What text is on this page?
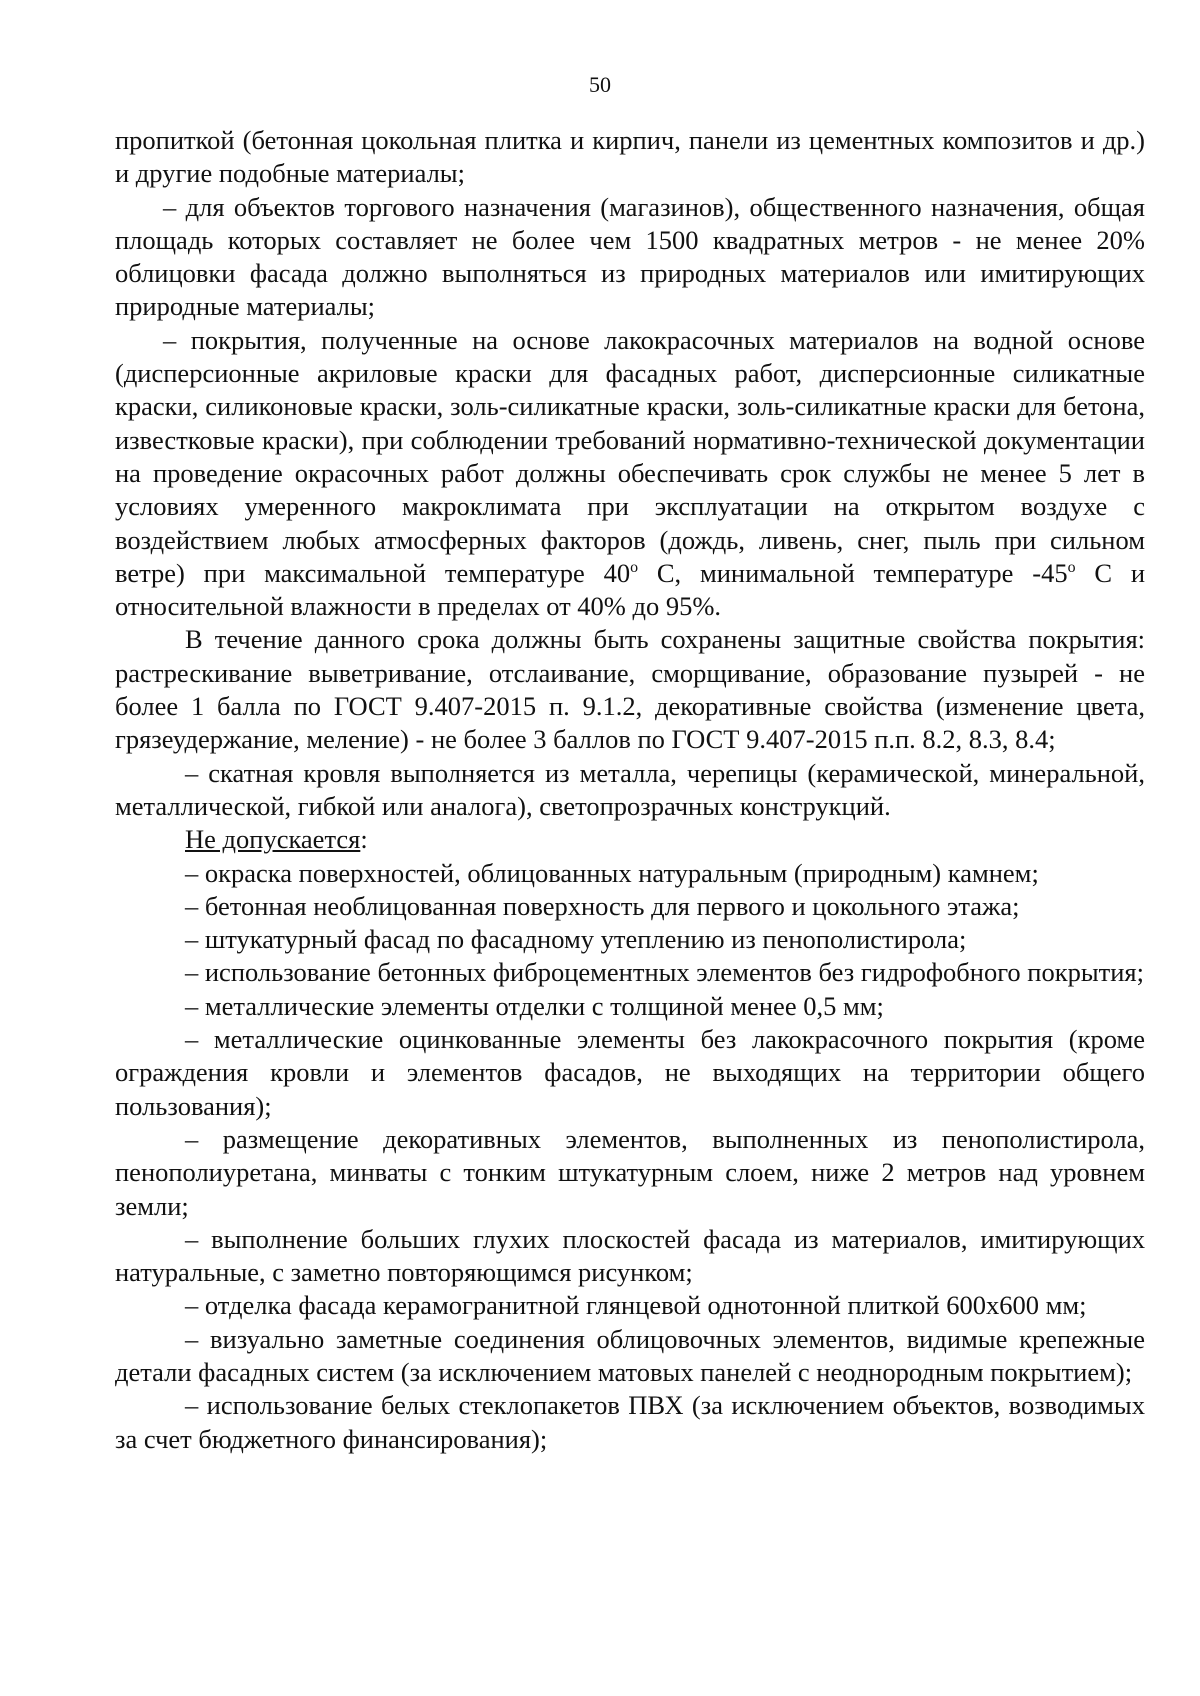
50

пропиткой (бетонная цокольная плитка и кирпич, панели из цементных композитов и др.) и другие подобные материалы;

– для объектов торгового назначения (магазинов), общественного назначения, общая площадь которых составляет не более чем 1500 квадратных метров - не менее 20% облицовки фасада должно выполняться из природных материалов или имитирующих природные материалы;

– покрытия, полученные на основе лакокрасочных материалов на водной основе (дисперсионные акриловые краски для фасадных работ, дисперсионные силикатные краски, силиконовые краски, золь-силикатные краски, золь-силикатные краски для бетона, известковые краски), при соблюдении требований нормативно-технической документации на проведение окрасочных работ должны обеспечивать срок службы не менее 5 лет в условиях умеренного макроклимата при эксплуатации на открытом воздухе с воздействием любых атмосферных факторов (дождь, ливень, снег, пыль при сильном ветре) при максимальной температуре $40^о$ С, минимальной температуре $-45^о$ С и относительной влажности в пределах от 40% до 95%.

В течение данного срока должны быть сохранены защитные свойства покрытия: растрескивание выветривание, отслаивание, сморщивание, образование пузырей - не более 1 балла по ГОСТ 9.407-2015 п. 9.1.2, декоративные свойства (изменение цвета, грязеудержание, меление) - не более 3 баллов по ГОСТ 9.407-2015 п.п. 8.2, 8.3, 8.4;

– скатная кровля выполняется из металла, черепицы (керамической, минеральной, металлической, гибкой или аналога), светопрозрачных конструкций.

Не допускается:

– окраска поверхностей, облицованных натуральным (природным) камнем;

– бетонная необлицованная поверхность для первого и цокольного этажа;

– штукатурный фасад по фасадному утеплению из пенополистирола;

– использование бетонных фиброцементных элементов без гидрофобного покрытия;

– металлические элементы отделки с толщиной менее 0,5 мм;

– металлические оцинкованные элементы без лакокрасочного покрытия (кроме ограждения кровли и элементов фасадов, не выходящих на территории общего пользования);

– размещение декоративных элементов, выполненных из пенополистирола, пенополиуретана, минваты с тонким штукатурным слоем, ниже 2 метров над уровнем земли;

– выполнение больших глухих плоскостей фасада из материалов, имитирующих натуральные, с заметно повторяющимся рисунком;

– отделка фасада керамогранитной глянцевой однотонной плиткой 600х600 мм;

– визуально заметные соединения облицовочных элементов, видимые крепежные детали фасадных систем (за исключением матовых панелей с неоднородным покрытием);

– использование белых стеклопакетов ПВХ (за исключением объектов, возводимых за счет бюджетного финансирования);
